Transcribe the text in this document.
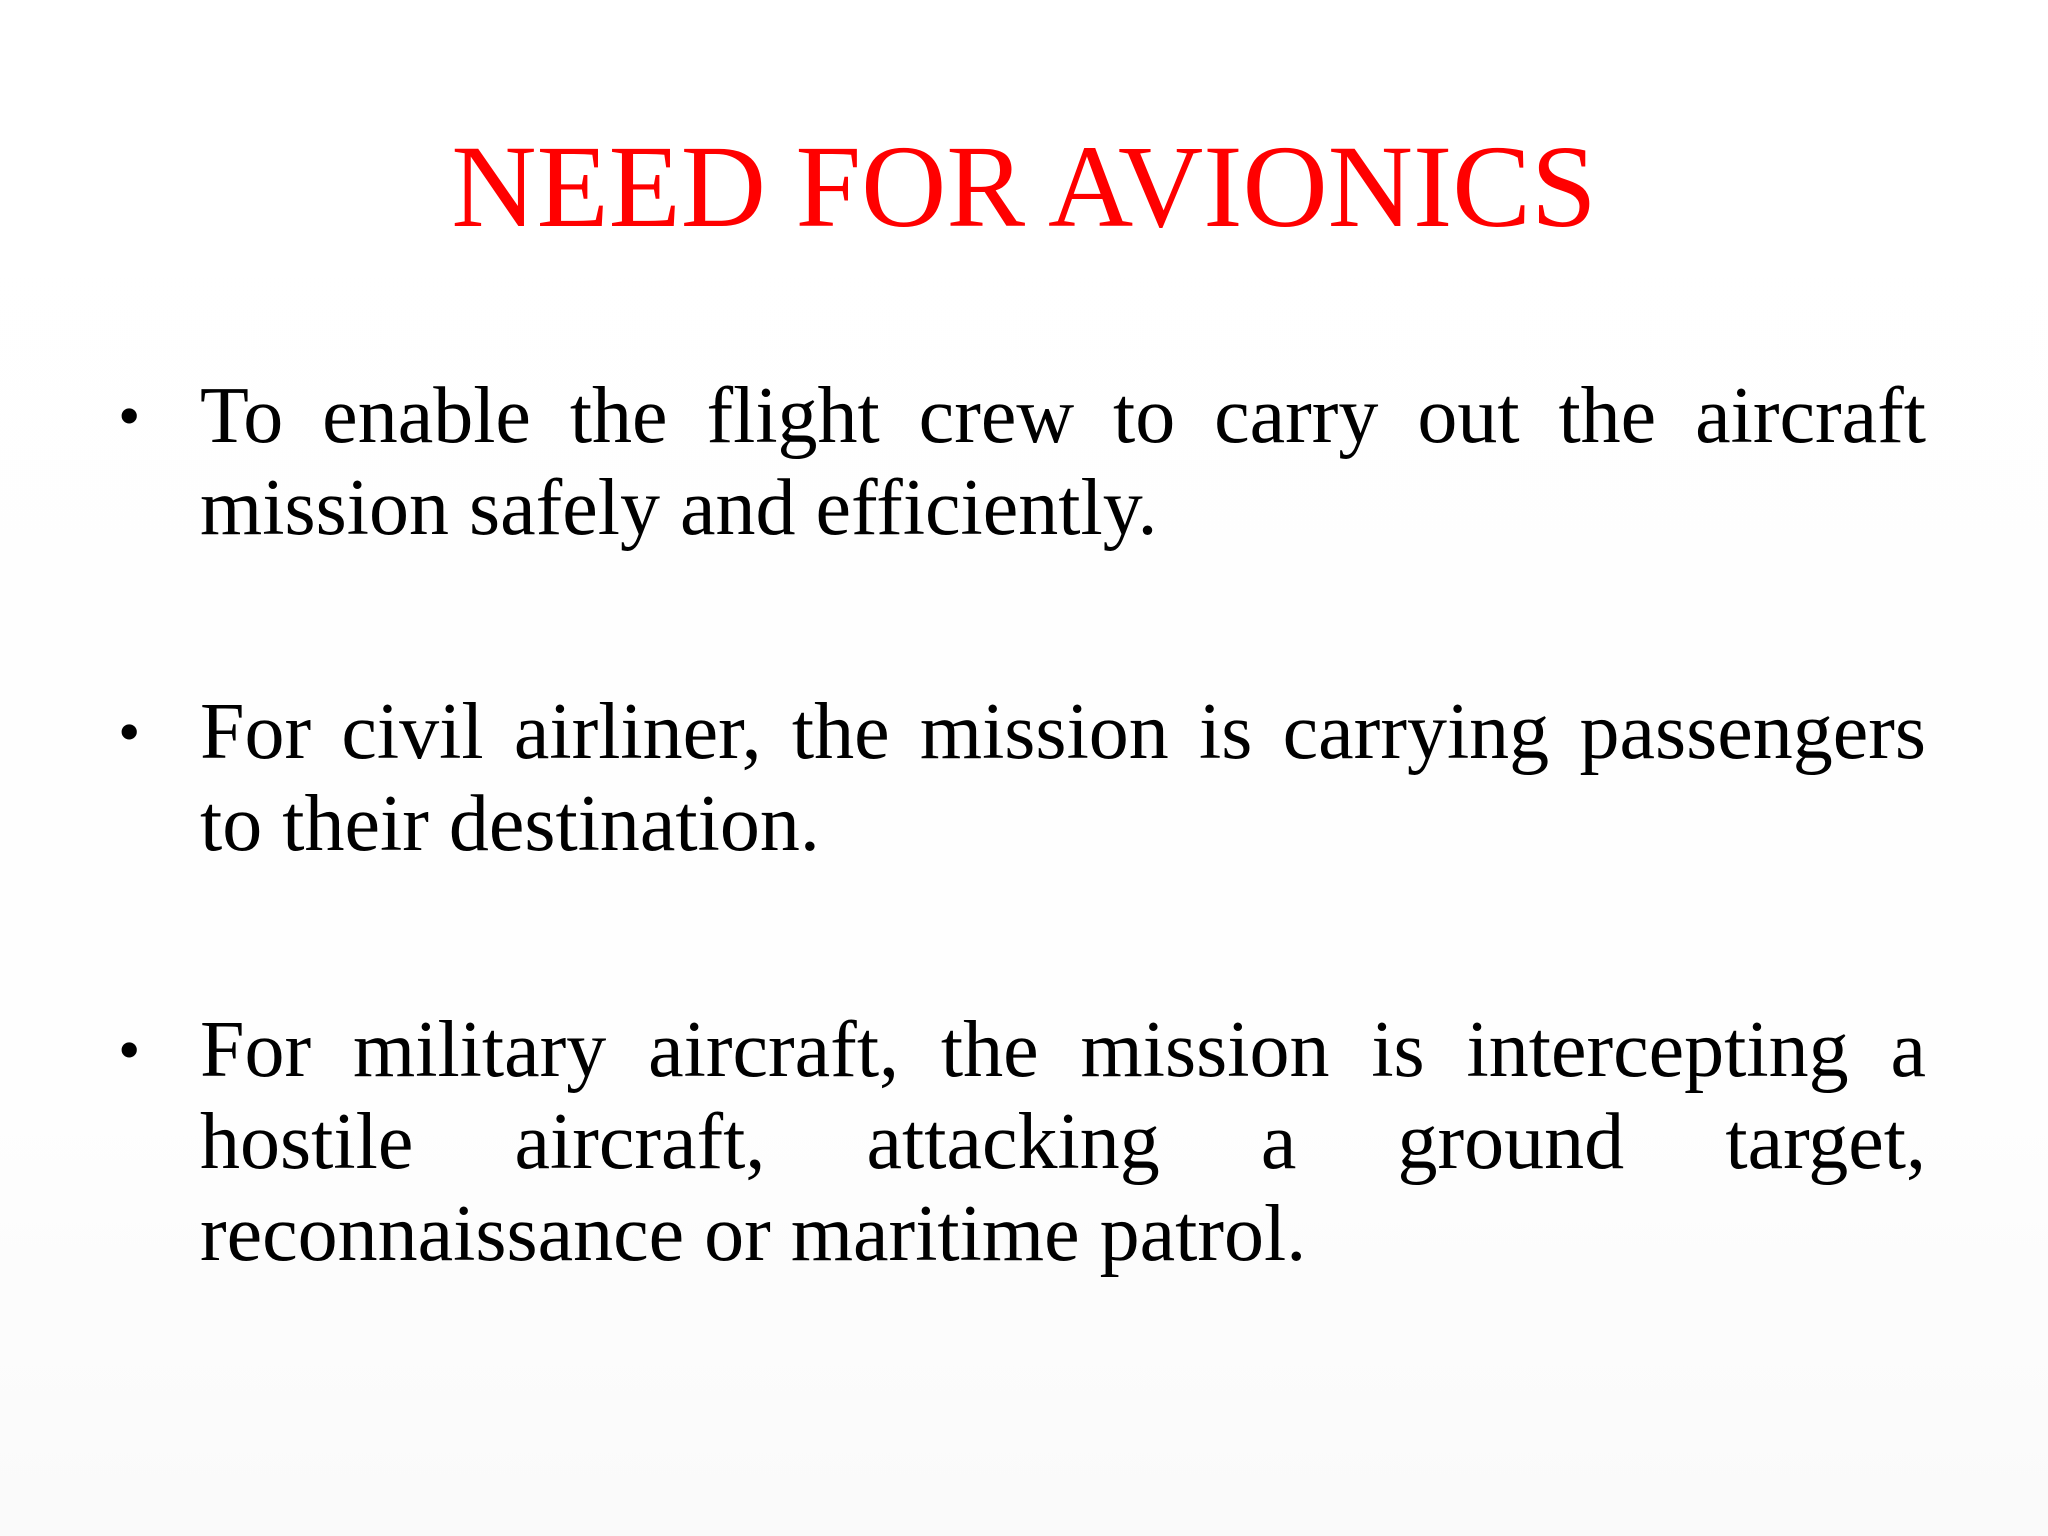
NEED FOR AVIONICS
• To enable the flight crew to carry out the aircraft mission safely and efficiently.
• For civil airliner, the mission is carrying passengers to their destination.
• For military aircraft, the mission is intercepting a hostile aircraft, attacking a ground target, reconnaissance or maritime patrol.
